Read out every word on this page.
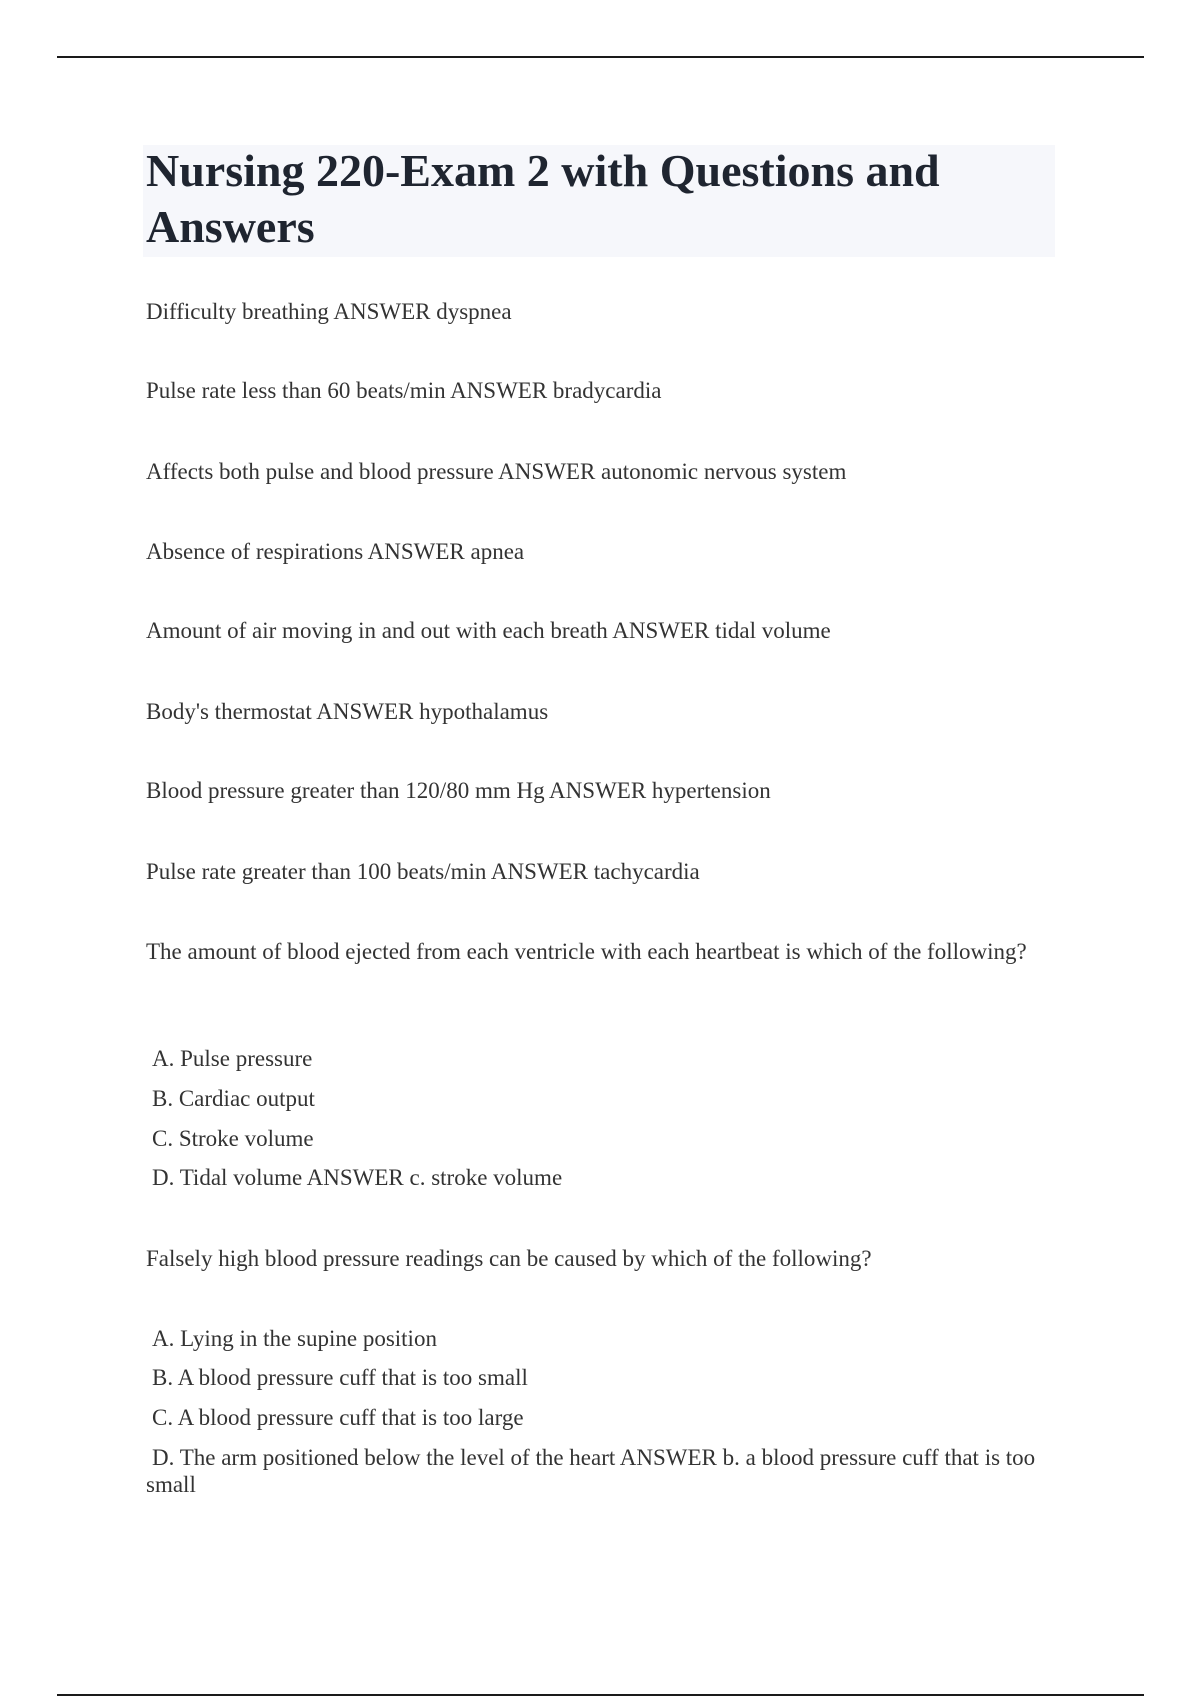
Nursing 220-Exam 2 with Questions and Answers

Difficulty breathing ANSWER dyspnea

Pulse rate less than 60 beats/min ANSWER bradycardia

Affects both pulse and blood pressure ANSWER autonomic nervous system

Absence of respirations ANSWER apnea

Amount of air moving in and out with each breath ANSWER tidal volume

Body's thermostat ANSWER hypothalamus

Blood pressure greater than 120/80 mm Hg ANSWER hypertension

Pulse rate greater than 100 beats/min ANSWER tachycardia

The amount of blood ejected from each ventricle with each heartbeat is which of the following?

A. Pulse pressure

B. Cardiac output

C. Stroke volume

D. Tidal volume ANSWER c. stroke volume

Falsely high blood pressure readings can be caused by which of the following?

A. Lying in the supine position

B. A blood pressure cuff that is too small

C. A blood pressure cuff that is too large

D. The arm positioned below the level of the heart ANSWER b. a blood pressure cuff that is too small
